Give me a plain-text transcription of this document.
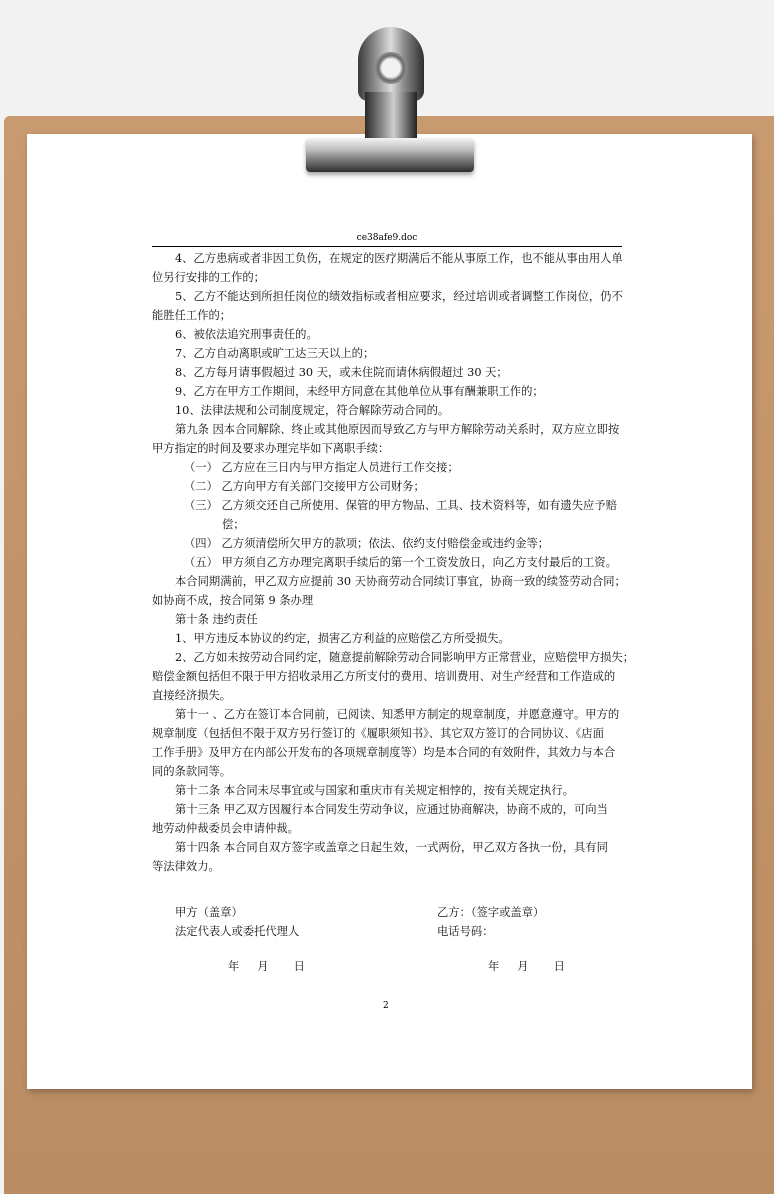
ce38afe9.doc
4、乙方患病或者非因工负伤，在规定的医疗期满后不能从事原工作，也不能从事由用人单
位另行安排的工作的；
5、乙方不能达到所担任岗位的绩效指标或者相应要求，经过培训或者调整工作岗位，仍不
能胜任工作的；
6、被依法追究刑事责任的。
7、乙方自动离职或旷工达三天以上的；
8、乙方每月请事假超过 30 天，或未住院而请休病假超过 30 天；
9、乙方在甲方工作期间，未经甲方同意在其他单位从事有酬兼职工作的；
10、法律法规和公司制度规定，符合解除劳动合同的。
第九条 因本合同解除、终止或其他原因而导致乙方与甲方解除劳动关系时，双方应立即按
甲方指定的时间及要求办理完毕如下离职手续：
（一） 乙方应在三日内与甲方指定人员进行工作交接；
（二） 乙方向甲方有关部门交接甲方公司财务；
（三） 乙方须交还自己所使用、保管的甲方物品、工具、技术资料等，如有遗失应予赔
偿；
（四） 乙方须清偿所欠甲方的款项；依法、依约支付赔偿金或违约金等；
（五） 甲方须自乙方办理完离职手续后的第一个工资发放日，向乙方支付最后的工资。
本合同期满前，甲乙双方应提前 30 天协商劳动合同续订事宜，协商一致的续签劳动合同；
如协商不成，按合同第 9 条办理
第十条 违约责任
1、甲方违反本协议的约定，损害乙方利益的应赔偿乙方所受损失。
2、乙方如未按劳动合同约定，随意提前解除劳动合同影响甲方正常营业，应赔偿甲方损失；
赔偿金额包括但不限于甲方招收录用乙方所支付的费用、培训费用、对生产经营和工作造成的
直接经济损失。
第十一 、乙方在签订本合同前，已阅读、知悉甲方制定的规章制度，并愿意遵守。甲方的
规章制度（包括但不限于双方另行签订的《履职须知书》、其它双方签订的合同协议、《店面
工作手册》及甲方在内部公开发布的各项规章制度等）均是本合同的有效附件，其效力与本合
同的条款同等。
第十二条 本合同未尽事宜或与国家和重庆市有关规定相悖的，按有关规定执行。
第十三条 甲乙双方因履行本合同发生劳动争议，应通过协商解决，协商不成的，可向当
地劳动仲裁委员会申请仲裁。
第十四条 本合同自双方签字或盖章之日起生效，一式两份，甲乙双方各执一份，具有同
等法律效力。
甲方（盖章）
法定代表人或委托代理人
年     月       日
乙方：（签字或盖章）
电话号码：
年     月       日
2
